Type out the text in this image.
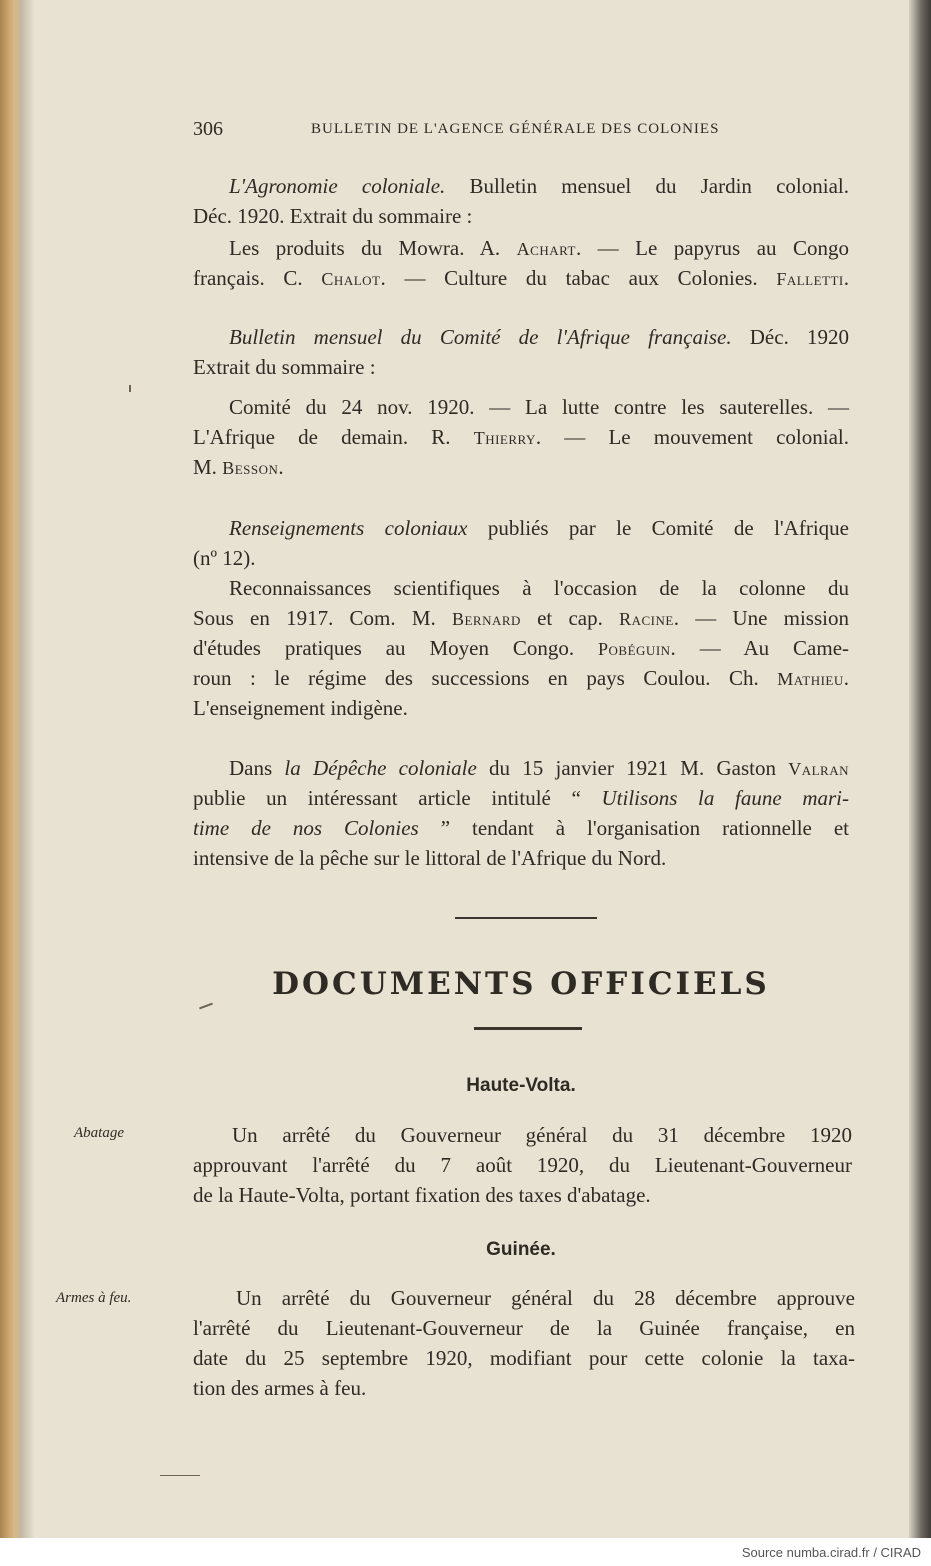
306	BULLETIN DE L'AGENCE GÉNÉRALE DES COLONIES
L'Agronomie coloniale. Bulletin mensuel du Jardin colonial.
Déc. 1920. Extrait du sommaire :
Les produits du Mowra. A. Achart. — Le papyrus au Congo
français. C. Chalot. — Culture du tabac aux Colonies. Falletti.
Bulletin mensuel du Comité de l'Afrique française. Déc. 1920
Extrait du sommaire :
Comité du 24 nov. 1920. — La lutte contre les sauterelles. —
L'Afrique de demain. R. Thierry. — Le mouvement colonial.
M. Besson.
Renseignements coloniaux publiés par le Comité de l'Afrique
(nº 12).
Reconnaissances scientifiques à l'occasion de la colonne du
Sous en 1917. Com. M. Bernard et cap. Racine. — Une mission
d'études pratiques au Moyen Congo. Pobéguin. — Au Came-
roun : le régime des successions en pays Coulou. Ch. Mathieu.
L'enseignement indigène.
Dans la Dépêche coloniale du 15 janvier 1921 M. Gaston Valran
publie un intéressant article intitulé “ Utilisons la faune mari-
time de nos Colonies ” tendant à l'organisation rationnelle et
intensive de la pêche sur le littoral de l'Afrique du Nord.
DOCUMENTS OFFICIELS
Haute-Volta.
Abatage	Un arrêté du Gouverneur général du 31 décembre 1920
approuvant l'arrêté du 7 août 1920, du Lieutenant-Gouverneur
de la Haute-Volta, portant fixation des taxes d'abatage.
Guinée.
Armes à feu.	Un arrêté du Gouverneur général du 28 décembre approuve
l'arrêté du Lieutenant-Gouverneur de la Guinée française, en
date du 25 septembre 1920, modifiant pour cette colonie la taxa-
tion des armes à feu.
Source numba.cirad.fr / CIRAD
